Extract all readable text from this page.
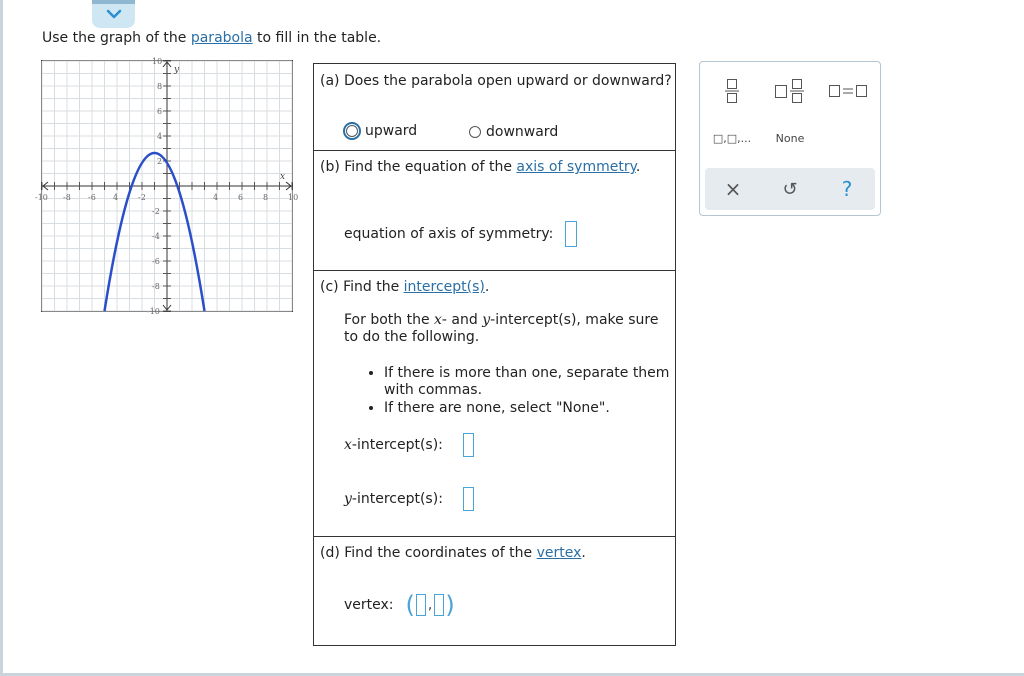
Use the graph of the parabola to fill in the table.
-10 -8 -6 4 -2	4 6 8 10
10
8
6
4
2
-2
-4
-6
-8
-10
y
x
(a) Does the parabola open upward or downward?
upward	downward
(b) Find the equation of the axis of symmetry.
equation of axis of symmetry:
(c) Find the intercept(s).
For both the x- and y-intercept(s), make sure
to do the following.
• If there is more than one, separate them with commas.
• If there are none, select "None".
x-intercept(s):
y-intercept(s):
(d) Find the coordinates of the vertex.
vertex: ( , )
□,□,... None
× ↺ ?
